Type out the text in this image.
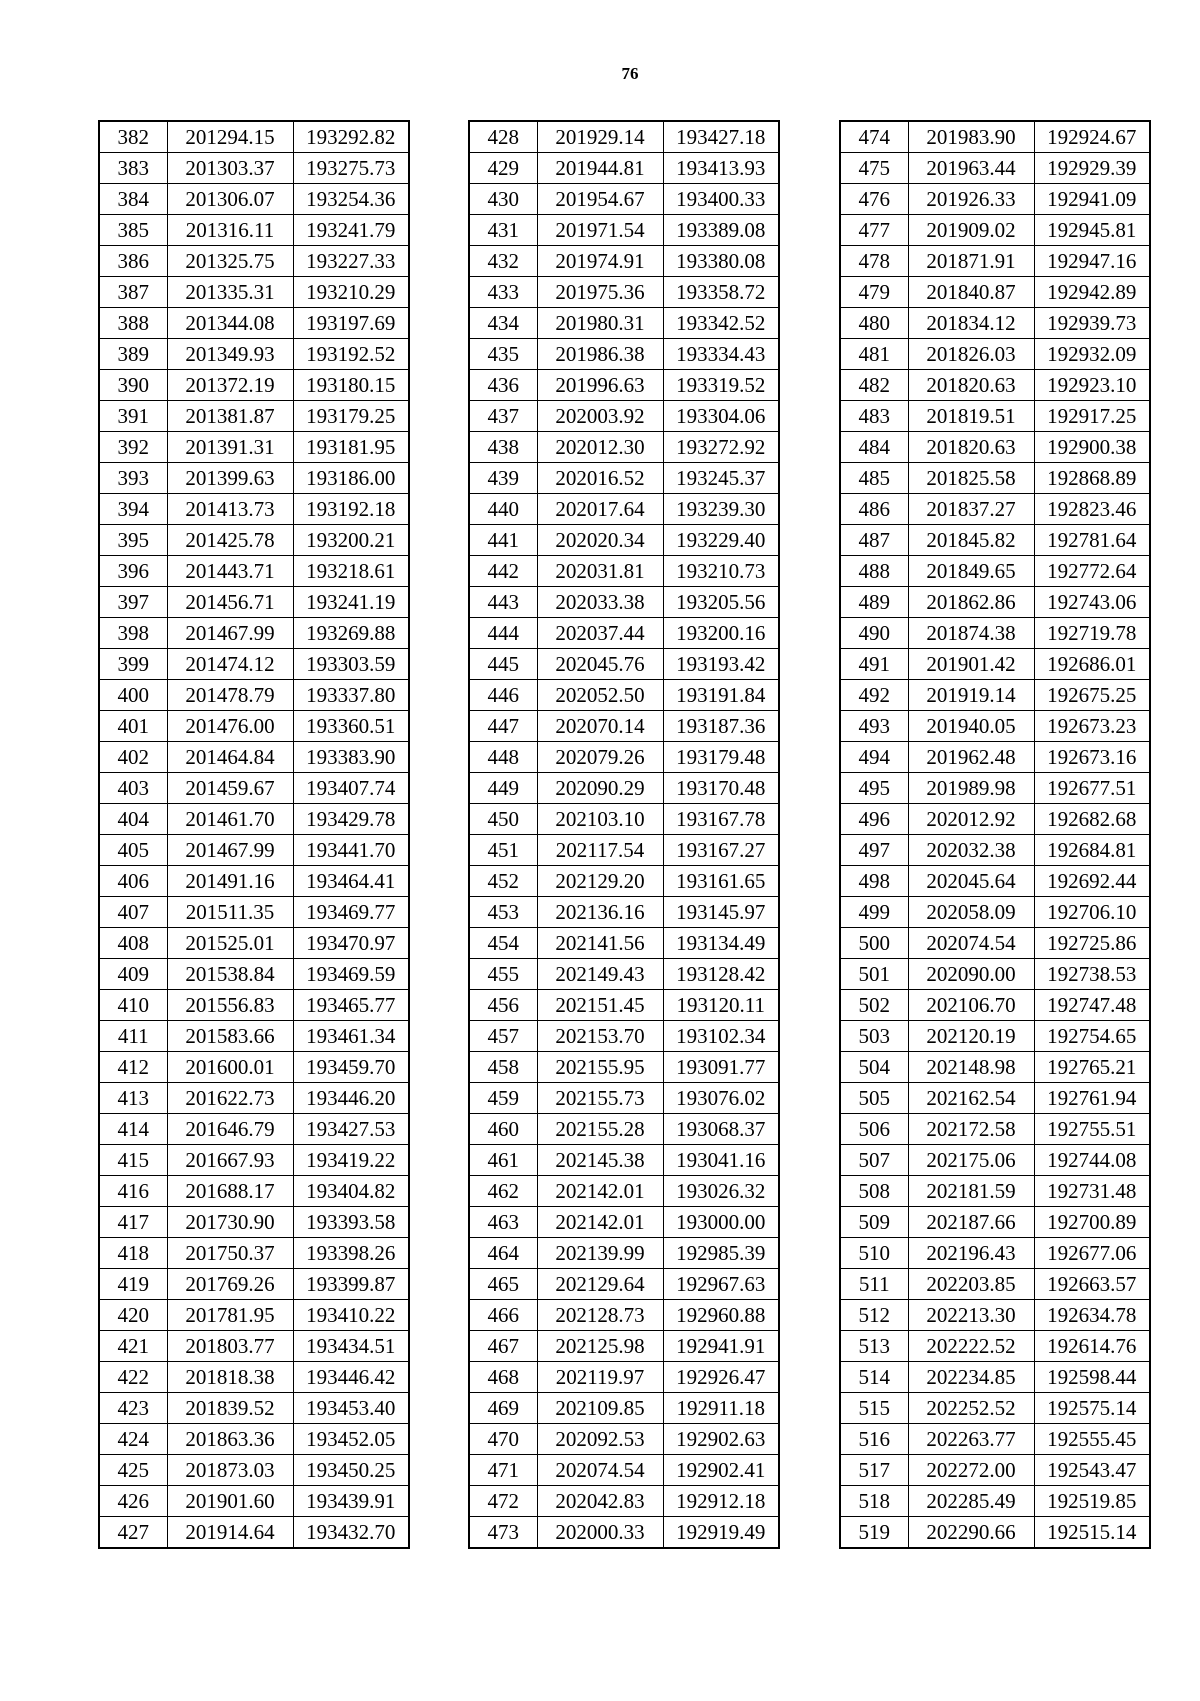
76
382	201294.15	193292.82
383	201303.37	193275.73
384	201306.07	193254.36
385	201316.11	193241.79
386	201325.75	193227.33
387	201335.31	193210.29
388	201344.08	193197.69
389	201349.93	193192.52
390	201372.19	193180.15
391	201381.87	193179.25
392	201391.31	193181.95
393	201399.63	193186.00
394	201413.73	193192.18
395	201425.78	193200.21
396	201443.71	193218.61
397	201456.71	193241.19
398	201467.99	193269.88
399	201474.12	193303.59
400	201478.79	193337.80
401	201476.00	193360.51
402	201464.84	193383.90
403	201459.67	193407.74
404	201461.70	193429.78
405	201467.99	193441.70
406	201491.16	193464.41
407	201511.35	193469.77
408	201525.01	193470.97
409	201538.84	193469.59
410	201556.83	193465.77
411	201583.66	193461.34
412	201600.01	193459.70
413	201622.73	193446.20
414	201646.79	193427.53
415	201667.93	193419.22
416	201688.17	193404.82
417	201730.90	193393.58
418	201750.37	193398.26
419	201769.26	193399.87
420	201781.95	193410.22
421	201803.77	193434.51
422	201818.38	193446.42
423	201839.52	193453.40
424	201863.36	193452.05
425	201873.03	193450.25
426	201901.60	193439.91
427	201914.64	193432.70
428	201929.14	193427.18
429	201944.81	193413.93
430	201954.67	193400.33
431	201971.54	193389.08
432	201974.91	193380.08
433	201975.36	193358.72
434	201980.31	193342.52
435	201986.38	193334.43
436	201996.63	193319.52
437	202003.92	193304.06
438	202012.30	193272.92
439	202016.52	193245.37
440	202017.64	193239.30
441	202020.34	193229.40
442	202031.81	193210.73
443	202033.38	193205.56
444	202037.44	193200.16
445	202045.76	193193.42
446	202052.50	193191.84
447	202070.14	193187.36
448	202079.26	193179.48
449	202090.29	193170.48
450	202103.10	193167.78
451	202117.54	193167.27
452	202129.20	193161.65
453	202136.16	193145.97
454	202141.56	193134.49
455	202149.43	193128.42
456	202151.45	193120.11
457	202153.70	193102.34
458	202155.95	193091.77
459	202155.73	193076.02
460	202155.28	193068.37
461	202145.38	193041.16
462	202142.01	193026.32
463	202142.01	193000.00
464	202139.99	192985.39
465	202129.64	192967.63
466	202128.73	192960.88
467	202125.98	192941.91
468	202119.97	192926.47
469	202109.85	192911.18
470	202092.53	192902.63
471	202074.54	192902.41
472	202042.83	192912.18
473	202000.33	192919.49
474	201983.90	192924.67
475	201963.44	192929.39
476	201926.33	192941.09
477	201909.02	192945.81
478	201871.91	192947.16
479	201840.87	192942.89
480	201834.12	192939.73
481	201826.03	192932.09
482	201820.63	192923.10
483	201819.51	192917.25
484	201820.63	192900.38
485	201825.58	192868.89
486	201837.27	192823.46
487	201845.82	192781.64
488	201849.65	192772.64
489	201862.86	192743.06
490	201874.38	192719.78
491	201901.42	192686.01
492	201919.14	192675.25
493	201940.05	192673.23
494	201962.48	192673.16
495	201989.98	192677.51
496	202012.92	192682.68
497	202032.38	192684.81
498	202045.64	192692.44
499	202058.09	192706.10
500	202074.54	192725.86
501	202090.00	192738.53
502	202106.70	192747.48
503	202120.19	192754.65
504	202148.98	192765.21
505	202162.54	192761.94
506	202172.58	192755.51
507	202175.06	192744.08
508	202181.59	192731.48
509	202187.66	192700.89
510	202196.43	192677.06
511	202203.85	192663.57
512	202213.30	192634.78
513	202222.52	192614.76
514	202234.85	192598.44
515	202252.52	192575.14
516	202263.77	192555.45
517	202272.00	192543.47
518	202285.49	192519.85
519	202290.66	192515.14
